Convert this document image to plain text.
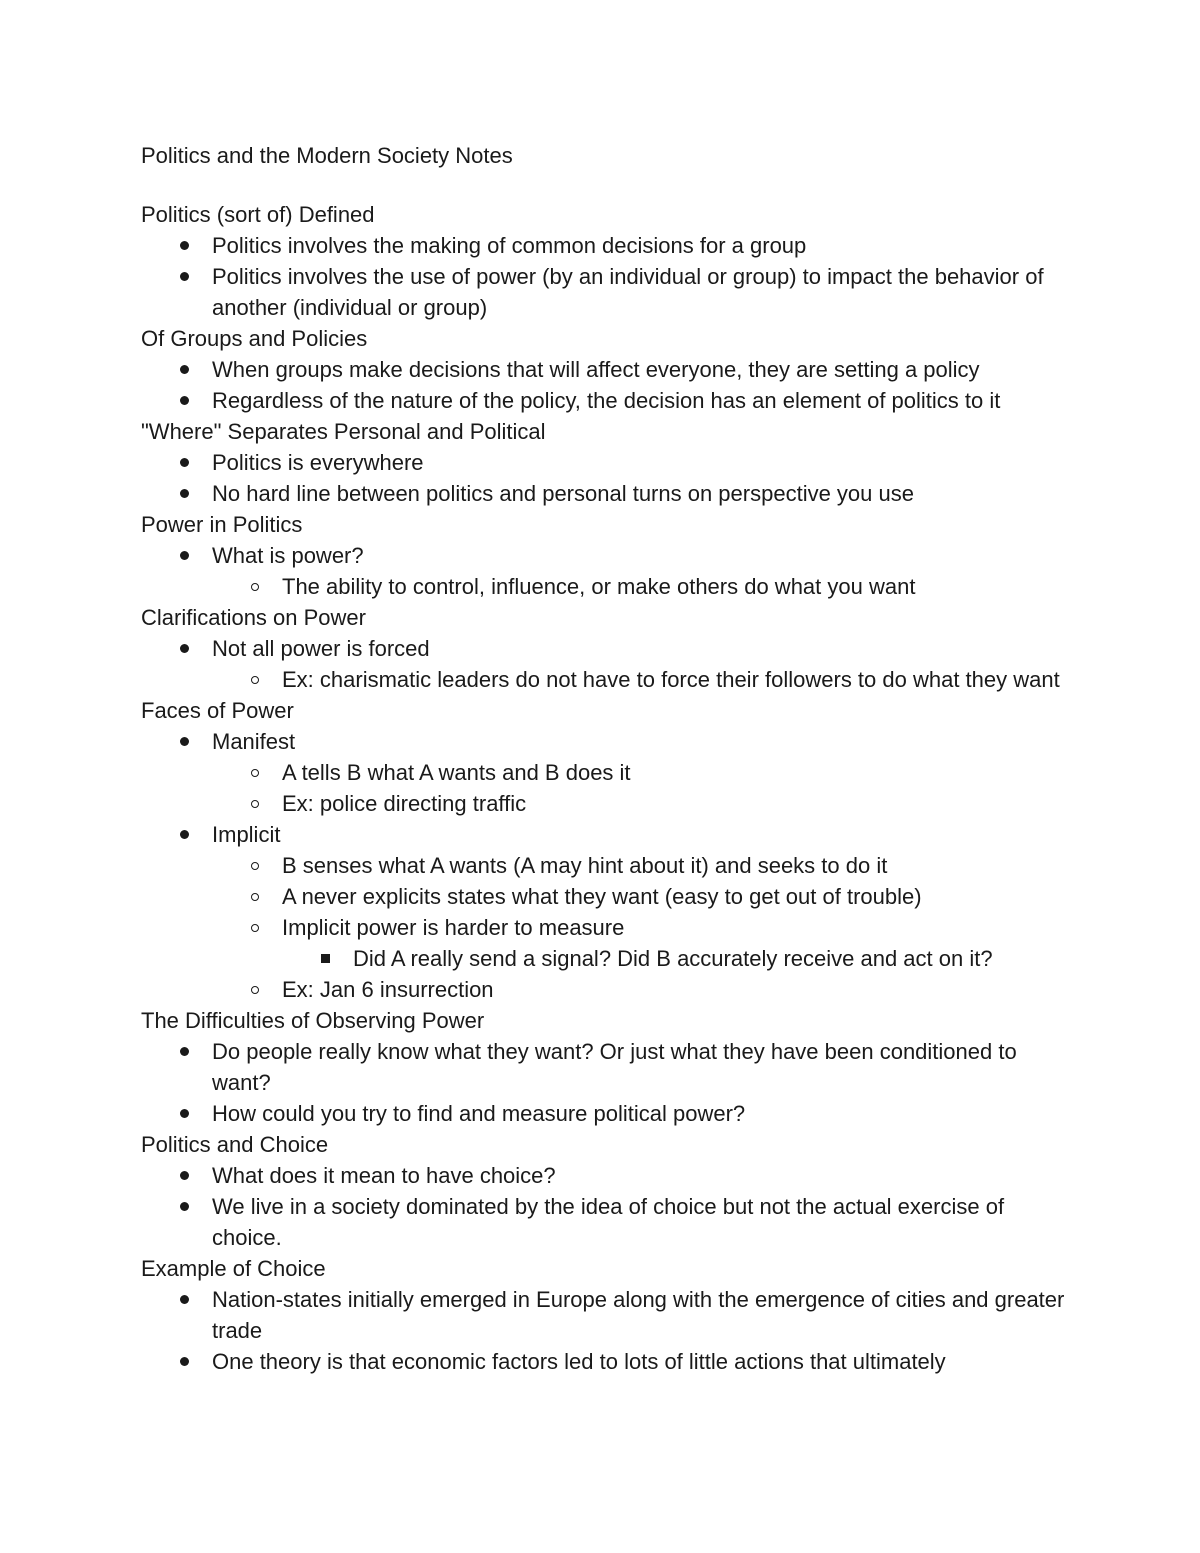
Politics and the Modern Society Notes
Politics (sort of) Defined
Politics involves the making of common decisions for a group
Politics involves the use of power (by an individual or group) to impact the behavior of another (individual or group)
Of Groups and Policies
When groups make decisions that will affect everyone, they are setting a policy
Regardless of the nature of the policy, the decision has an element of politics to it
"Where" Separates Personal and Political
Politics is everywhere
No hard line between politics and personal turns on perspective you use
Power in Politics
What is power?
The ability to control, influence, or make others do what you want
Clarifications on Power
Not all power is forced
Ex: charismatic leaders do not have to force their followers to do what they want
Faces of Power
Manifest
A tells B what A wants and B does it
Ex: police directing traffic
Implicit
B senses what A wants (A may hint about it) and seeks to do it
A never explicits states what they want (easy to get out of trouble)
Implicit power is harder to measure
Did A really send a signal? Did B accurately receive and act on it?
Ex: Jan 6 insurrection
The Difficulties of Observing Power
Do people really know what they want? Or just what they have been conditioned to want?
How could you try to find and measure political power?
Politics and Choice
What does it mean to have choice?
We live in a society dominated by the idea of choice but not the actual exercise of choice.
Example of Choice
Nation-states initially emerged in Europe along with the emergence of cities and greater trade
One theory is that economic factors led to lots of little actions that ultimately
